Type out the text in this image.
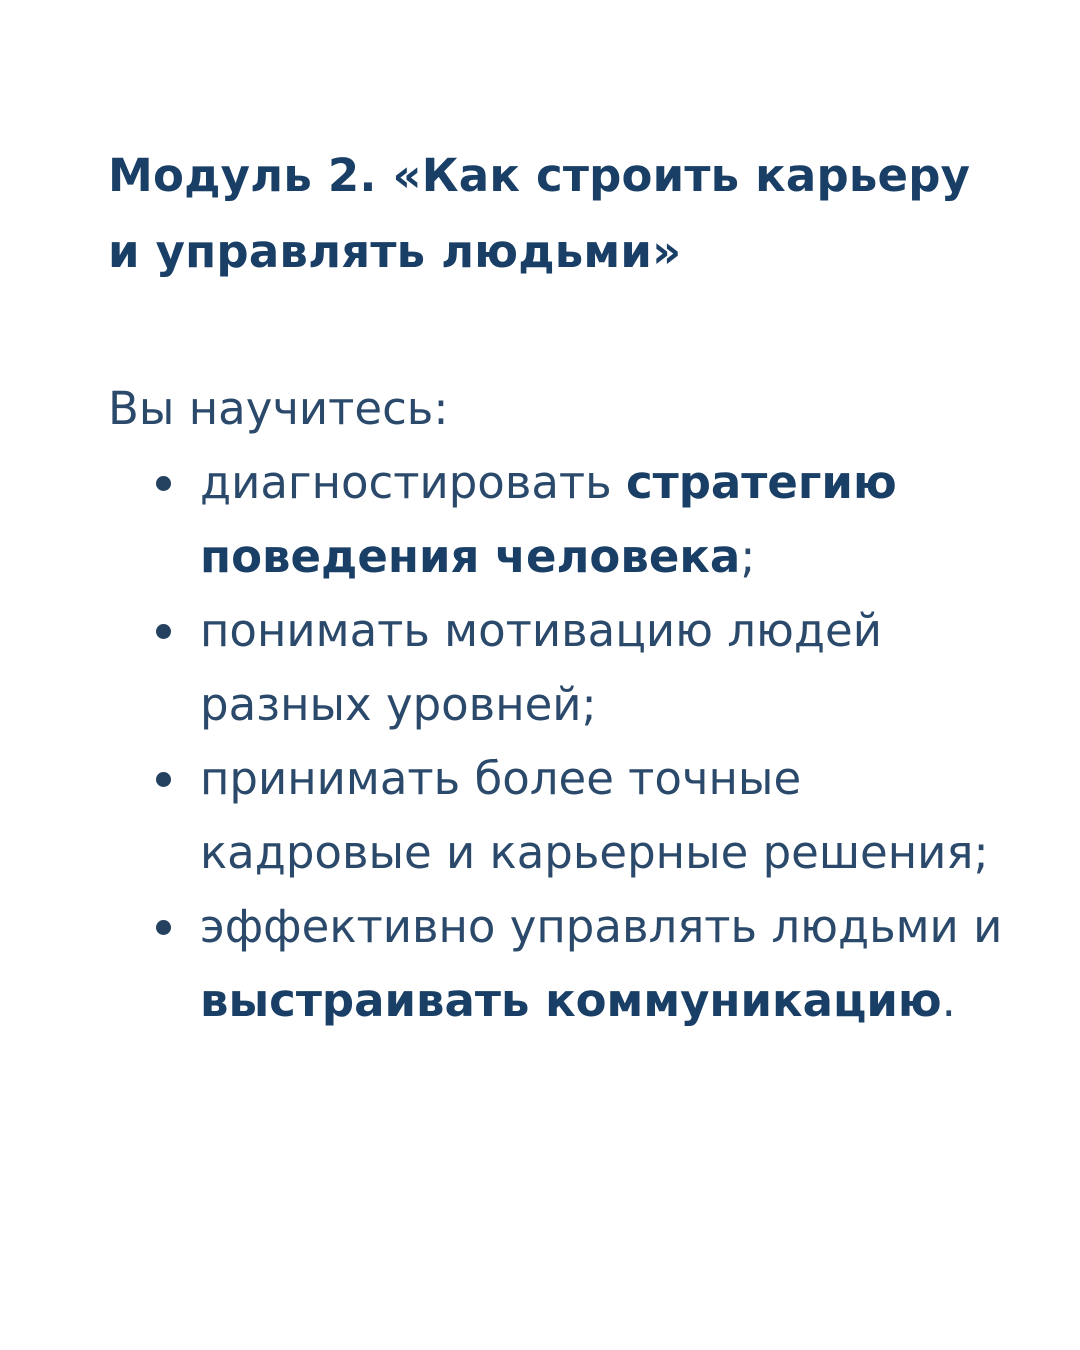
Модуль 2. «Как строить карьеру и управлять людьми»

Вы научитесь:

диагностировать стратегию поведения человека;
понимать мотивацию людей разных уровней;
принимать более точные кадровые и карьерные решения;
эффективно управлять людьми и выстраивать коммуникацию.
